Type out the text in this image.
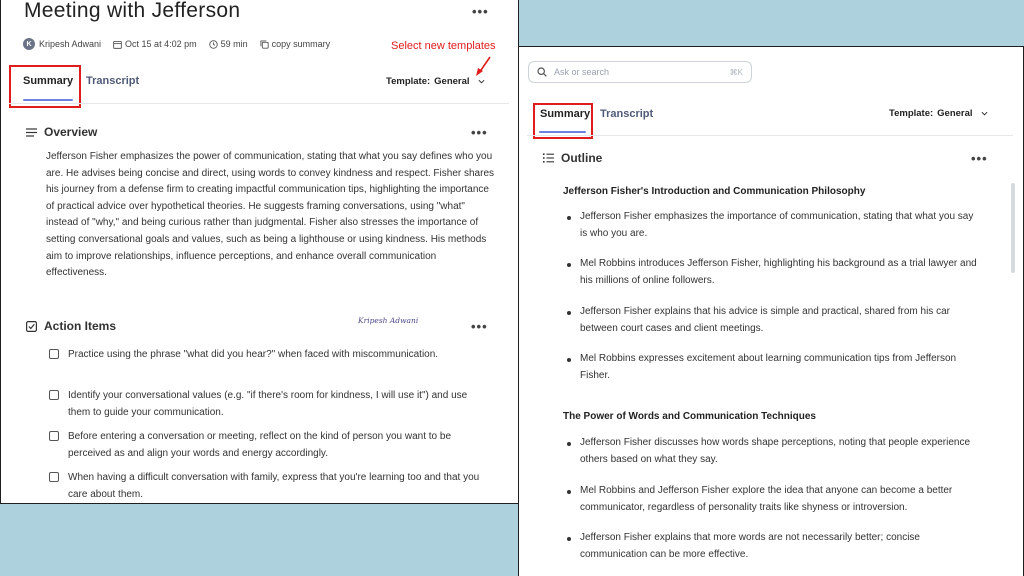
Meeting with Jefferson	•••
K Kripesh Adwani	Oct 15 at 4:02 pm	59 min	copy summary	Select new templates
Summary Transcript	Template: General
Overview	•••
Jefferson Fisher emphasizes the power of communication, stating that what you say defines who you are. He advises being concise and direct, using words to convey kindness and respect. Fisher shares his journey from a defense firm to creating impactful communication tips, highlighting the importance of practical advice over hypothetical theories. He suggests framing conversations, using "what" instead of "why," and being curious rather than judgmental. Fisher also stresses the importance of setting conversational goals and values, such as being a lighthouse or using kindness. His methods aim to improve relationships, influence perceptions, and enhance overall communication effectiveness.
Action Items	Kripesh Adwani	•••
Practice using the phrase "what did you hear?" when faced with miscommunication.
Identify your conversational values (e.g. "if there's room for kindness, I will use it") and use them to guide your communication.
Before entering a conversation or meeting, reflect on the kind of person you want to be perceived as and align your words and energy accordingly.
When having a difficult conversation with family, express that you're learning too and that you care about them.
Ask or search	⌘K
Summary Transcript	Template: General
Outline	•••
Jefferson Fisher's Introduction and Communication Philosophy
Jefferson Fisher emphasizes the importance of communication, stating that what you say is who you are.
Mel Robbins introduces Jefferson Fisher, highlighting his background as a trial lawyer and his millions of online followers.
Jefferson Fisher explains that his advice is simple and practical, shared from his car between court cases and client meetings.
Mel Robbins expresses excitement about learning communication tips from Jefferson Fisher.
The Power of Words and Communication Techniques
Jefferson Fisher discusses how words shape perceptions, noting that people experience others based on what they say.
Mel Robbins and Jefferson Fisher explore the idea that anyone can become a better communicator, regardless of personality traits like shyness or introversion.
Jefferson Fisher explains that more words are not necessarily better; concise communication can be more effective.
